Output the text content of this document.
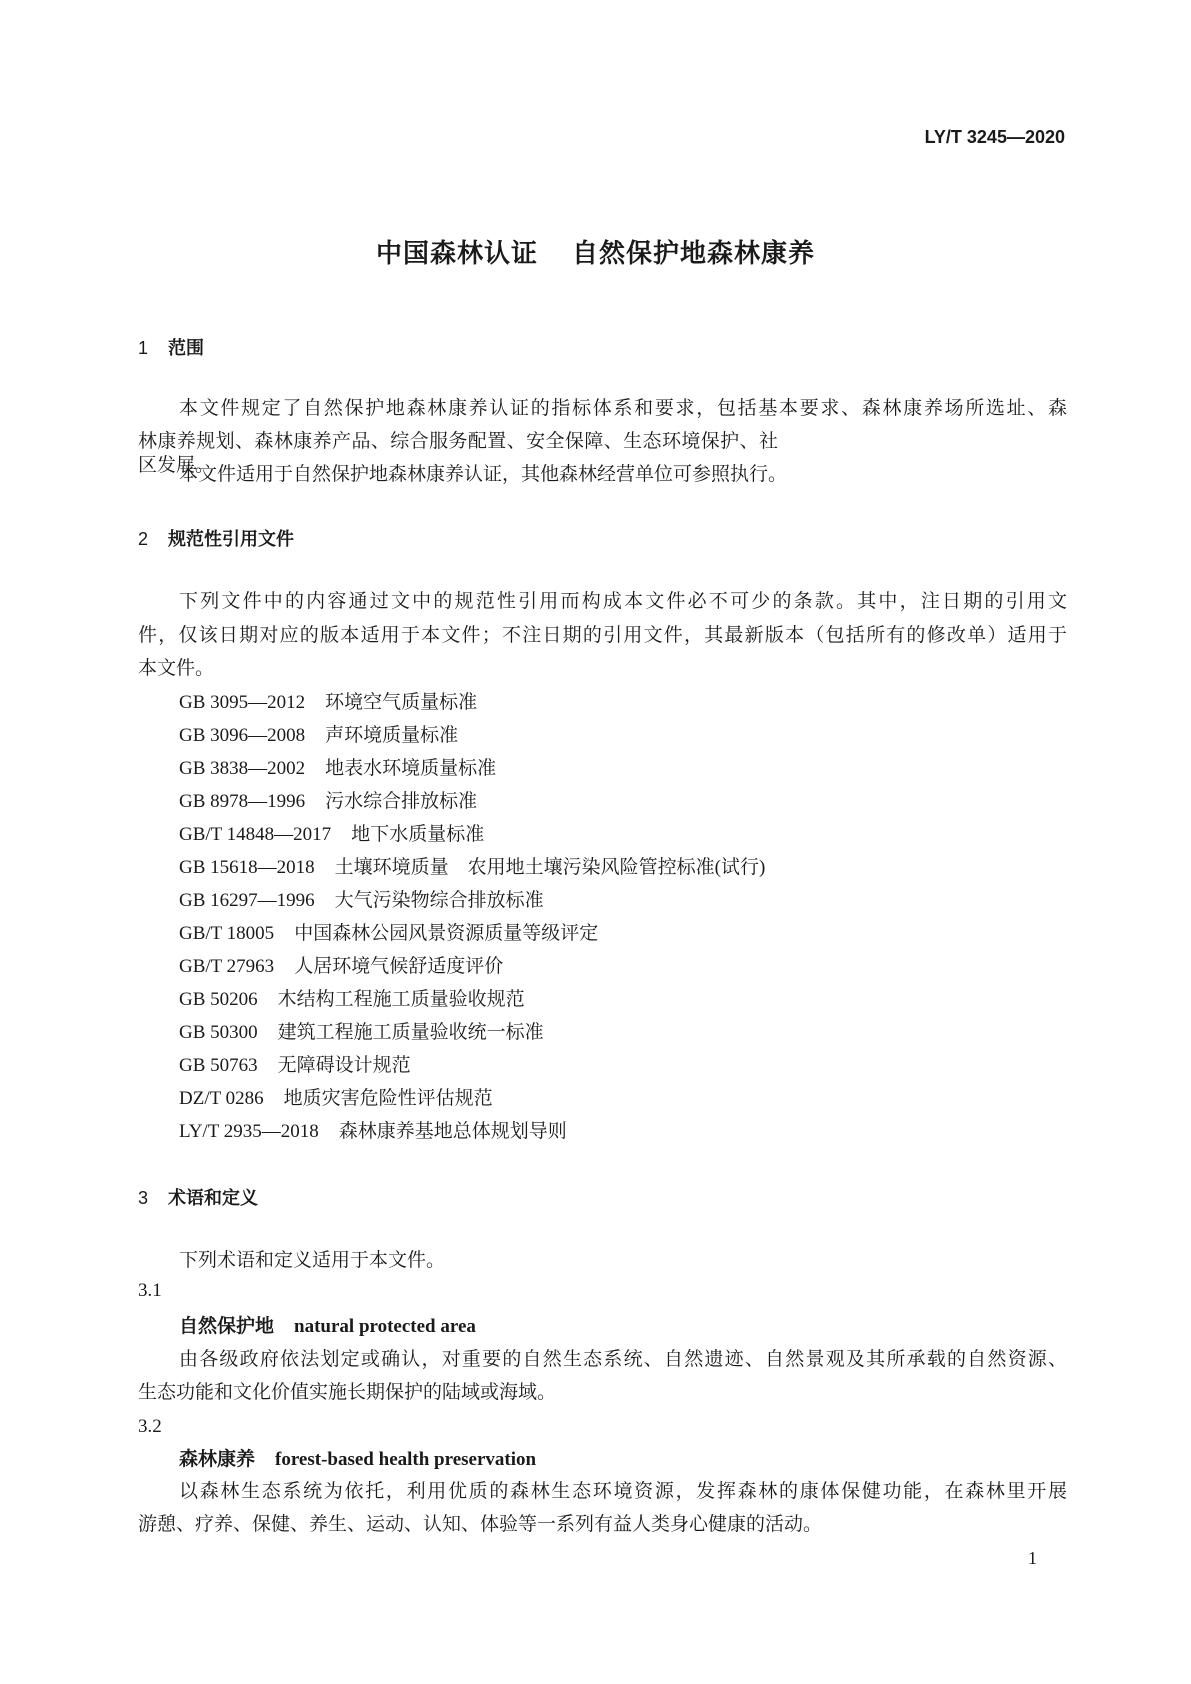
LY/T 3245—2020
中国森林认证 自然保护地森林康养
1 范围
本文件规定了自然保护地森林康养认证的指标体系和要求，包括基本要求、森林康养场所选址、森
林康养规划、森林康养产品、综合服务配置、安全保障、生态环境保护、社区发展。
本文件适用于自然保护地森林康养认证，其他森林经营单位可参照执行。
2 规范性引用文件
下列文件中的内容通过文中的规范性引用而构成本文件必不可少的条款。其中，注日期的引用文
件，仅该日期对应的版本适用于本文件；不注日期的引用文件，其最新版本（包括所有的修改单）适用于
本文件。
GB 3095—2012 环境空气质量标准
GB 3096—2008 声环境质量标准
GB 3838—2002 地表水环境质量标准
GB 8978—1996 污水综合排放标准
GB/T 14848—2017 地下水质量标准
GB 15618—2018 土壤环境质量　农用地土壤污染风险管控标准(试行)
GB 16297—1996 大气污染物综合排放标准
GB/T 18005 中国森林公园风景资源质量等级评定
GB/T 27963 人居环境气候舒适度评价
GB 50206 木结构工程施工质量验收规范
GB 50300 建筑工程施工质量验收统一标准
GB 50763 无障碍设计规范
DZ/T 0286 地质灾害危险性评估规范
LY/T 2935—2018 森林康养基地总体规划导则
3 术语和定义
下列术语和定义适用于本文件。
3.1
自然保护地 natural protected area
由各级政府依法划定或确认，对重要的自然生态系统、自然遗迹、自然景观及其所承载的自然资源、
生态功能和文化价值实施长期保护的陆域或海域。
3.2
森林康养 forest-based health preservation
以森林生态系统为依托，利用优质的森林生态环境资源，发挥森林的康体保健功能，在森林里开展
游憩、疗养、保健、养生、运动、认知、体验等一系列有益人类身心健康的活动。
1
